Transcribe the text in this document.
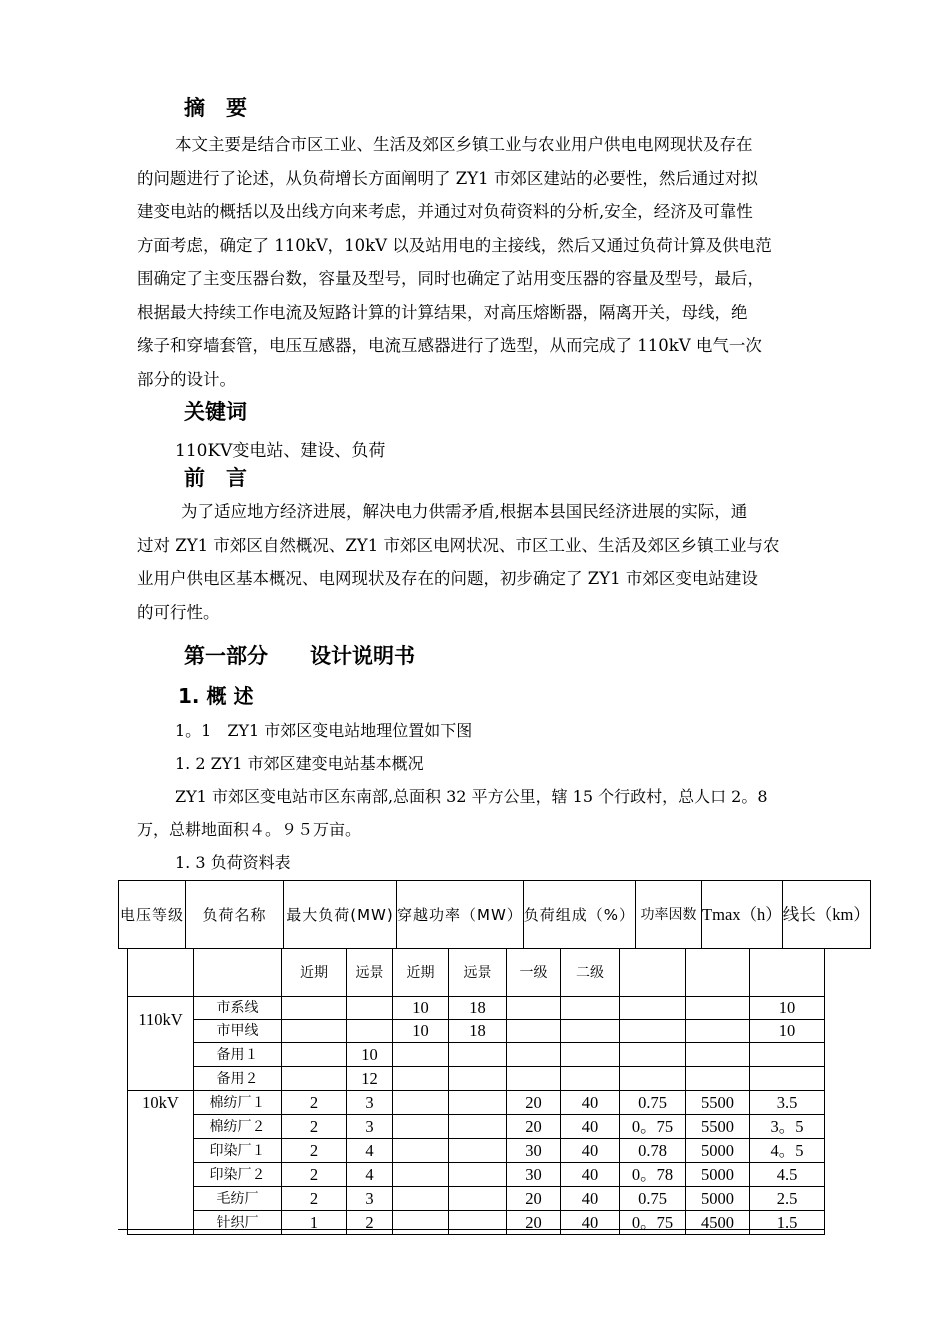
摘　要
本文主要是结合市区工业、生活及郊区乡镇工业与农业用户供电电网现状及存在
的问题进行了论述，从负荷增长方面阐明了 ZY1 市郊区建站的必要性，然后通过对拟
建变电站的概括以及出线方向来考虑，并通过对负荷资料的分析,安全，经济及可靠性
方面考虑，确定了 110kV，10kV 以及站用电的主接线，然后又通过负荷计算及供电范
围确定了主变压器台数，容量及型号，同时也确定了站用变压器的容量及型号，最后，
根据最大持续工作电流及短路计算的计算结果，对高压熔断器，隔离开关，母线，绝
缘子和穿墙套管，电压互感器，电流互感器进行了选型，从而完成了 110kV 电气一次
部分的设计。
关键词
110KV变电站、建设、负荷
前　言
为了适应地方经济进展，解决电力供需矛盾,根据本县国民经济进展的实际，通
过对 ZY1 市郊区自然概况、ZY1 市郊区电网状况、市区工业、生活及郊区乡镇工业与农
业用户供电区基本概况、电网现状及存在的问题，初步确定了 ZY1 市郊区变电站建设
的可行性。
第一部分　　设计说明书
1. 概 述
1。1　ZY1 市郊区变电站地理位置如下图
1. 2 ZY1 市郊区建变电站基本概况
ZY1 市郊区变电站市区东南部,总面积 32 平方公里，辖 15 个行政村，总人口 2。8
万，总耕地面积４。９５万亩。
1. 3 负荷资料表
电压等级	负荷名称	最大负荷(MW)	穿越功率（MW）	负荷组成（%）	功率因数	Tmax（h）	线长（km）
		近期	远景	近期	远景	一级	二级			
110kV	市系线			10	18					10
	市甲线			10	18					10
	备用１		10							
	备用２		12							
10kV	棉纺厂１	2	3			20	40	0.75	5500	3.5
	棉纺厂２	2	3			20	40	0。75	5500	3。5
	印染厂１	2	4			30	40	0.78	5000	4。5
	印染厂２	2	4			30	40	0。78	5000	4.5
	毛纺厂	2	3			20	40	0.75	5000	2.5
	针织厂	1	2			20	40	0。75	4500	1.5
